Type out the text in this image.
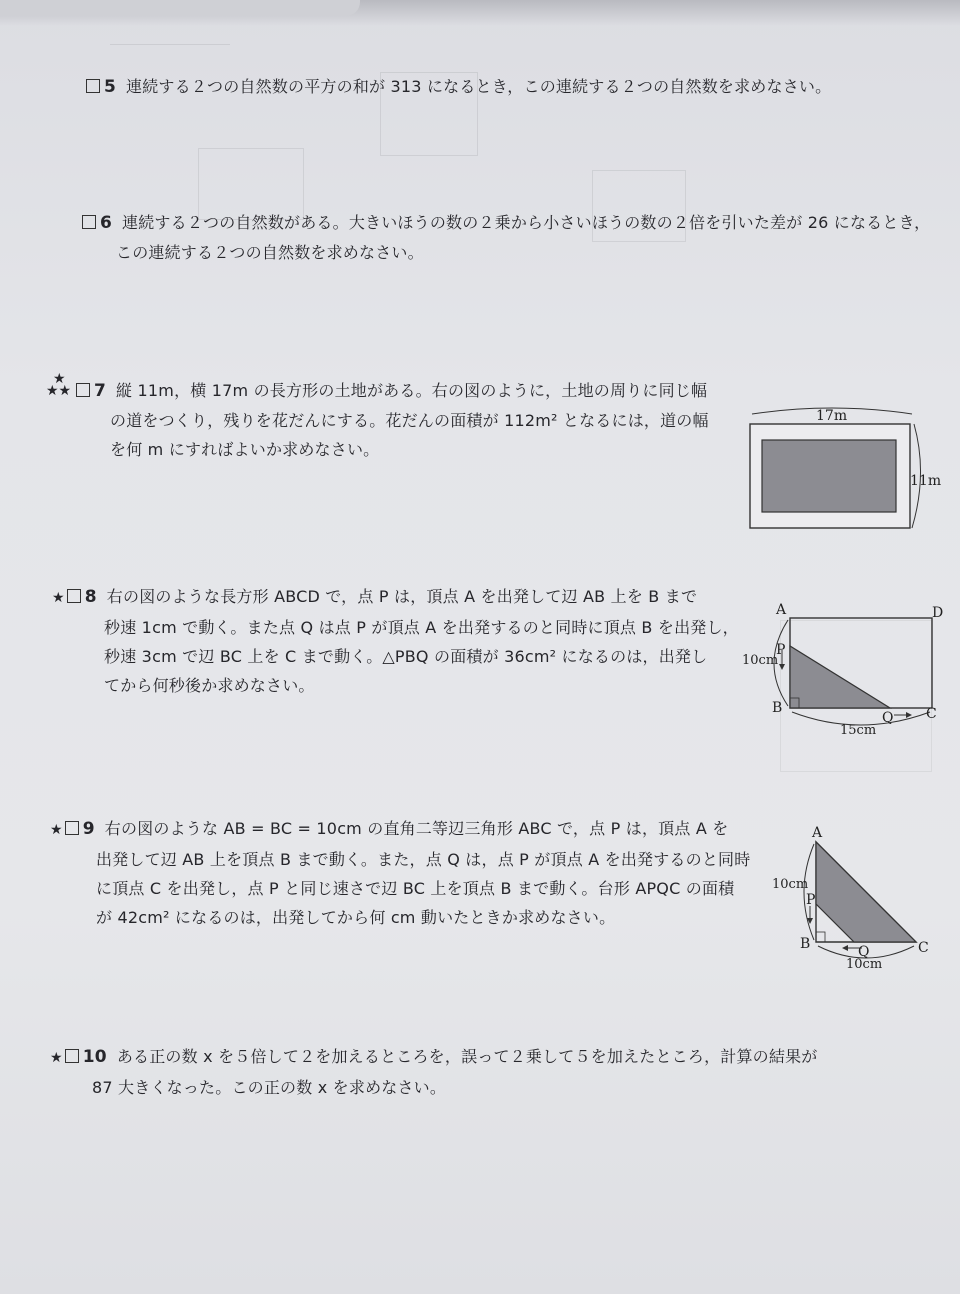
5 連続する２つの自然数の平方の和が 313 になるとき，この連続する２つの自然数を求めなさい。
6 連続する２つの自然数がある。大きいほうの数の２乗から小さいほうの数の２倍を引いた差が 26 になるとき，
この連続する２つの自然数を求めなさい。
★
★★	7 縦 11m，横 17m の長方形の土地がある。右の図のように，土地の周りに同じ幅
の道をつくり，残りを花だんにする。花だんの面積が 112m² となるには，道の幅
を何 m にすればよいか求めなさい。
17m
11m
★ 8 右の図のような長方形 ABCD で，点 P は，頂点 A を出発して辺 AB 上を B まで
秒速 1cm で動く。また点 Q は点 P が頂点 A を出発するのと同時に頂点 B を出発し，
秒速 3cm で辺 BC 上を C まで動く。△PBQ の面積が 36cm² になるのは，出発し
てから何秒後か求めなさい。
A	D
P
10cm
B
Q C
15cm
★ 9 右の図のような AB = BC = 10cm の直角二等辺三角形 ABC で，点 P は，頂点 A を
出発して辺 AB 上を頂点 B まで動く。また，点 Q は，点 P が頂点 A を出発するのと同時
に頂点 C を出発し，点 P と同じ速さで辺 BC 上を頂点 B まで動く。台形 APQC の面積
が 42cm² になるのは，出発してから何 cm 動いたときか求めなさい。
A
10cm
P
B	Q	C
10cm
★ 10 ある正の数 x を５倍して２を加えるところを，誤って２乗して５を加えたところ，計算の結果が
87 大きくなった。この正の数 x を求めなさい。
